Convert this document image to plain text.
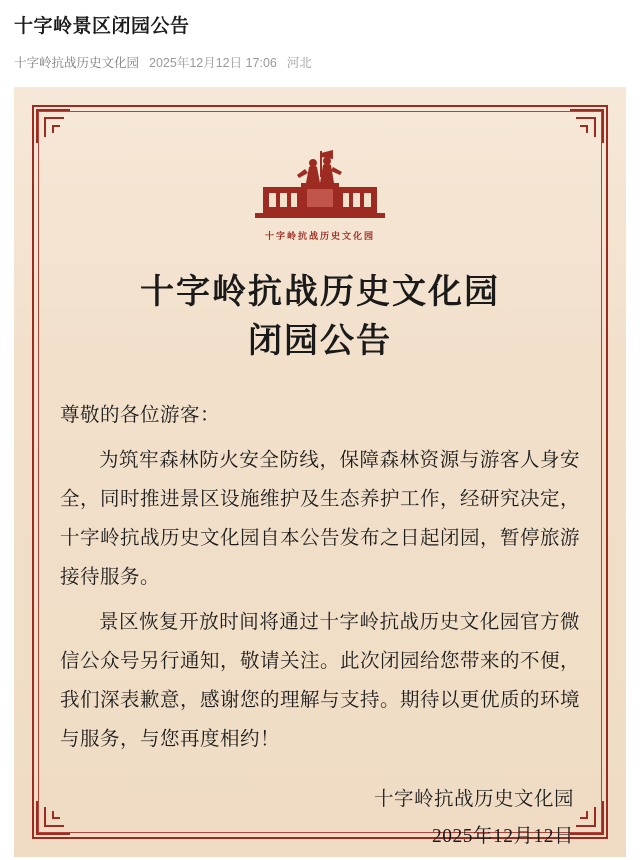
十字岭景区闭园公告
十字岭抗战历史文化园 2025年12月12日 17:06 河北
十字岭抗战历史文化园
十字岭抗战历史文化园
闭园公告

尊敬的各位游客：

为筑牢森林防火安全防线，保障森林资源与游客人身安全，同时推进景区设施维护及生态养护工作，经研究决定，十字岭抗战历史文化园自本公告发布之日起闭园，暂停旅游接待服务。

景区恢复开放时间将通过十字岭抗战历史文化园官方微信公众号另行通知，敬请关注。此次闭园给您带来的不便，我们深表歉意，感谢您的理解与支持。期待以更优质的环境与服务，与您再度相约！

十字岭抗战历史文化园
2025年12月12日
